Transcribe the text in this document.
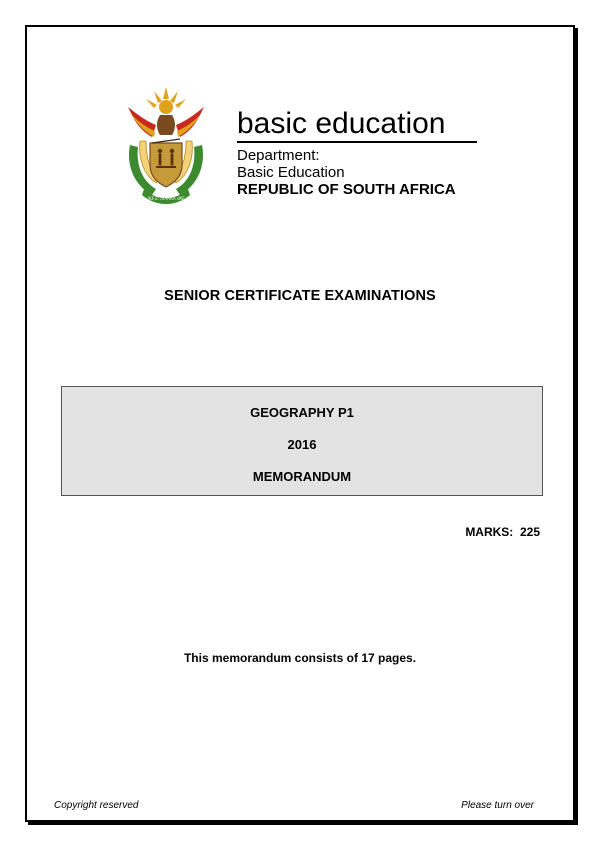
!KE E: /XARRA //KE
basic education
Department:
Basic Education
REPUBLIC OF SOUTH AFRICA
SENIOR CERTIFICATE EXAMINATIONS
GEOGRAPHY P1
2016
MEMORANDUM
MARKS:  225
This memorandum consists of 17 pages.
Copyright reserved	Please turn over
